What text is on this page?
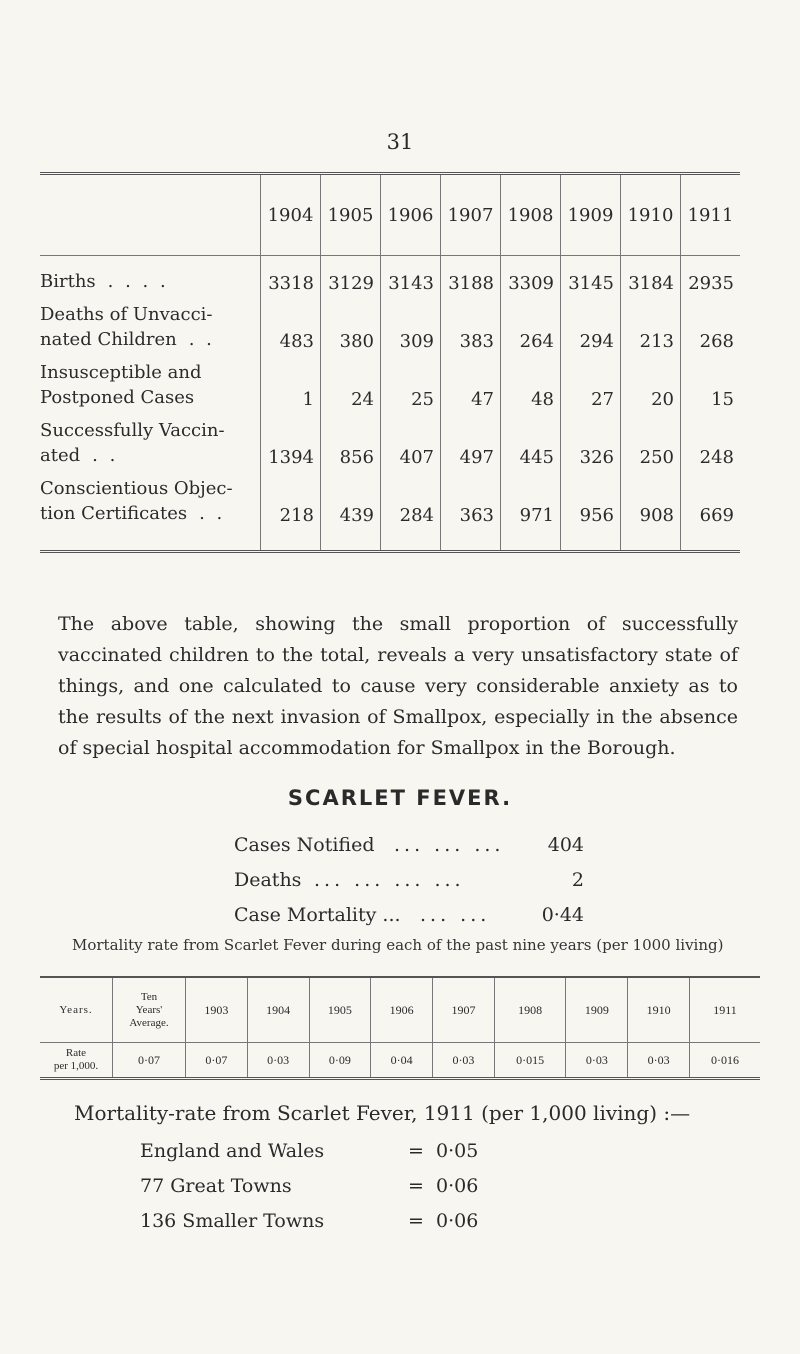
31
	1904	1905	1906	1907	1908	1909	1910	1911
Births . . . .	3318	3129	3143	3188	3309	3145	3184	2935
Deaths of Unvacci-
nated Children . .	483	380	309	383	264	294	213	268
Insusceptible and
Postponed Cases	1	24	25	47	48	27	20	15
Successfully Vaccin-
ated . .	1394	856	407	497	445	326	250	248
Conscientious Objec-
tion Certificates . .	218	439	284	363	971	956	908	669

The above table, showing the small proportion of successfully vaccinated children to the total, reveals a very unsatisfactory state of things, and one calculated to cause very considerable anxiety as to the results of the next invasion of Smallpox, especially in the absence of special hospital accommodation for Smallpox in the Borough.

SCARLET FEVER.
Cases Notified ... ... ... 404
Deaths ... ... ... ...	2
Case Mortality ... ... ...	0·44
Mortality rate from Scarlet Fever during each of the past nine years (per 1000 living)
Years.	Ten
Years'
Average.	1903	1904	1905	1906	1907	1908	1909	1910	1911
Rate
per 1,000.	0·07	0·07	0·03	0·09	0·04	0·03	0·015	0·03	0·03	0·016
Mortality-rate from Scarlet Fever, 1911 (per 1,000 living) :—
England and Wales	= 0·05
77 Great Towns	= 0·06
136 Smaller Towns	= 0·06
